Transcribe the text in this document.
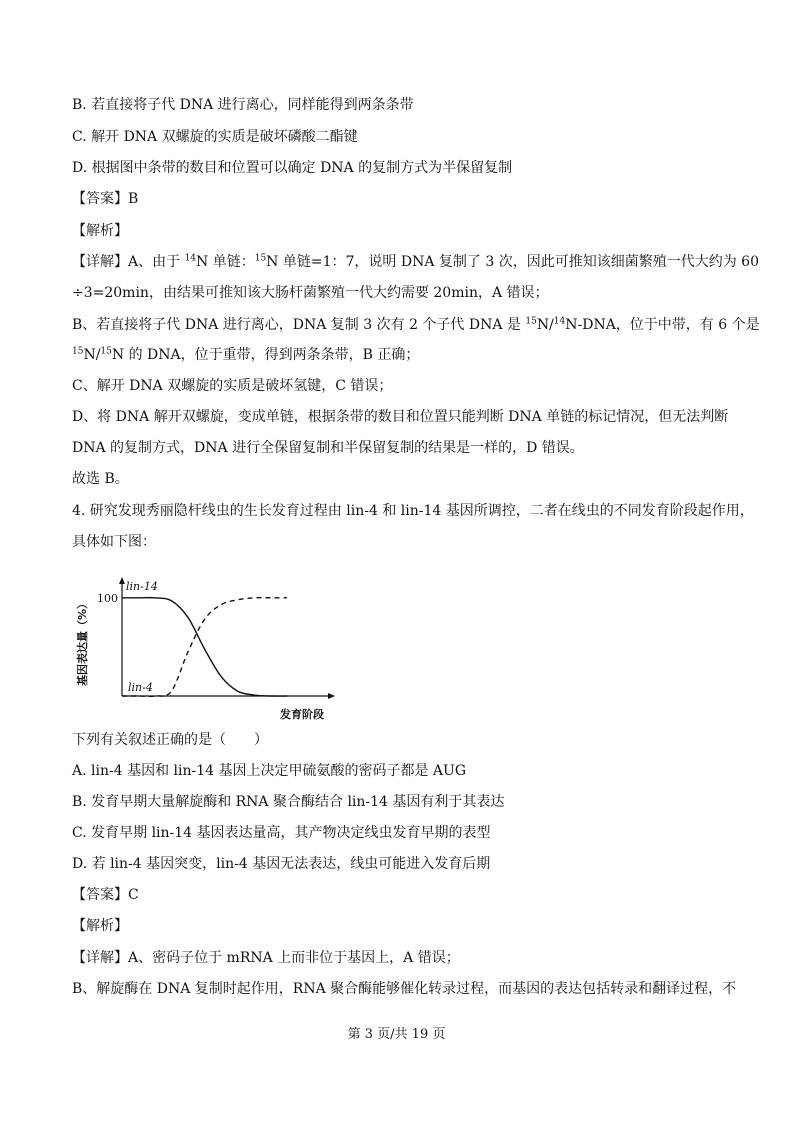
B. 若直接将子代 DNA 进行离心，同样能得到两条条带
C. 解开 DNA 双螺旋的实质是破坏磷酸二酯键
D. 根据图中条带的数目和位置可以确定 DNA 的复制方式为半保留复制
【答案】B
【解析】
【详解】A、由于 $^{14}$N 单链：$^{15}$N 单链=1：7，说明 DNA 复制了 3 次，因此可推知该细菌繁殖一代大约为 60
÷3=20min，由结果可推知该大肠杆菌繁殖一代大约需要 20min，A 错误；
B、若直接将子代 DNA 进行离心，DNA 复制 3 次有 2 个子代 DNA 是 $^{15}$N/$^{14}$N-DNA，位于中带，有 6 个是
$^{15}$N/$^{15}$N 的 DNA，位于重带，得到两条条带，B 正确；
C、解开 DNA 双螺旋的实质是破坏氢键，C 错误；
D、将 DNA 解开双螺旋，变成单链，根据条带的数目和位置只能判断 DNA 单链的标记情况，但无法判断
DNA 的复制方式，DNA 进行全保留复制和半保留复制的结果是一样的，D 错误。
故选 B。
4. 研究发现秀丽隐杆线虫的生长发育过程由 lin-4 和 lin-14 基因所调控，二者在线虫的不同发育阶段起作用，
具体如下图：
100
基因表达量（%）
发育阶段
lin-14
lin-4
下列有关叙述正确的是（　　）
A. lin-4 基因和 lin-14 基因上决定甲硫氨酸的密码子都是 AUG
B. 发育早期大量解旋酶和 RNA 聚合酶结合 lin-14 基因有利于其表达
C. 发育早期 lin-14 基因表达量高，其产物决定线虫发育早期的表型
D. 若 lin-4 基因突变，lin-4 基因无法表达，线虫可能进入发育后期
【答案】C
【解析】
【详解】A、密码子位于 mRNA 上而非位于基因上，A 错误；
B、解旋酶在 DNA 复制时起作用，RNA 聚合酶能够催化转录过程，而基因的表达包括转录和翻译过程，不
第 3 页/共 19 页
